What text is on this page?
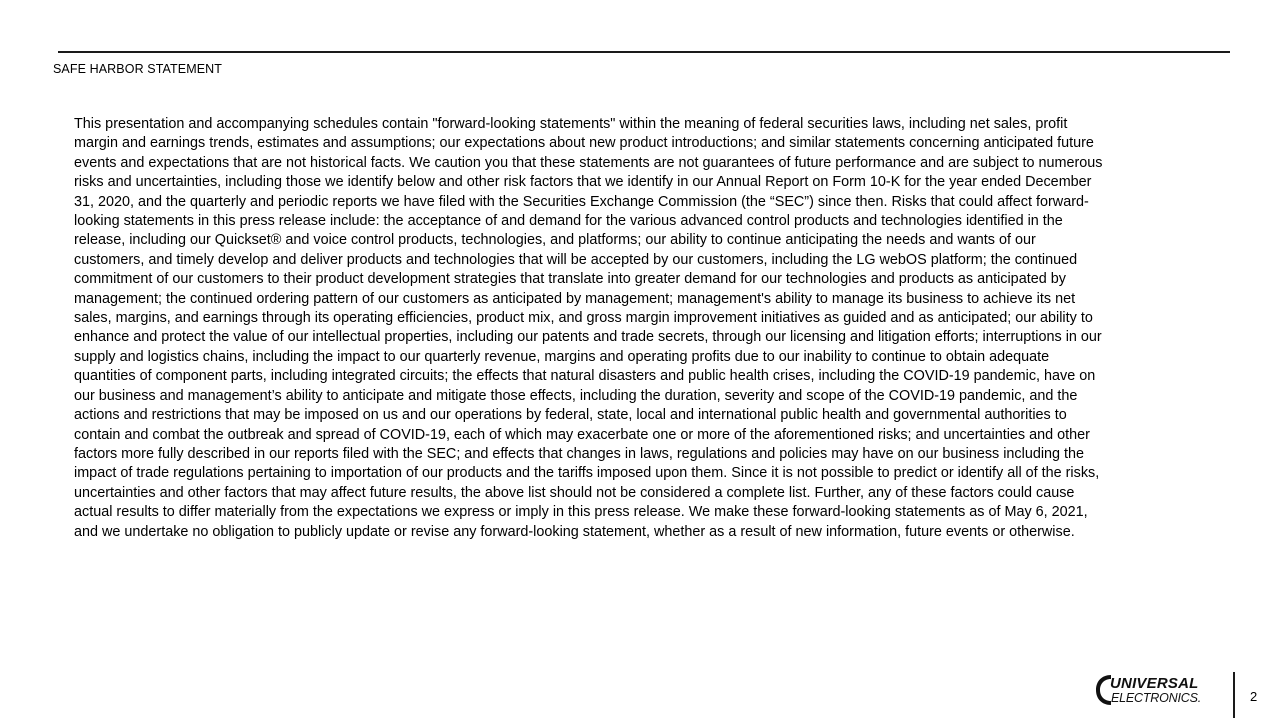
SAFE HARBOR STATEMENT

This presentation and accompanying schedules contain "forward-looking statements" within the meaning of federal securities laws, including net sales, profit
margin and earnings trends, estimates and assumptions; our expectations about new product introductions; and similar statements concerning anticipated future
events and expectations that are not historical facts. We caution you that these statements are not guarantees of future performance and are subject to numerous
risks and uncertainties, including those we identify below and other risk factors that we identify in our Annual Report on Form 10-K for the year ended December
31, 2020, and the quarterly and periodic reports we have filed with the Securities Exchange Commission (the “SEC”) since then. Risks that could affect forward-
looking statements in this press release include: the acceptance of and demand for the various advanced control products and technologies identified in the
release, including our Quickset® and voice control products, technologies, and platforms; our ability to continue anticipating the needs and wants of our
customers, and timely develop and deliver products and technologies that will be accepted by our customers, including the LG webOS platform; the continued
commitment of our customers to their product development strategies that translate into greater demand for our technologies and products as anticipated by
management; the continued ordering pattern of our customers as anticipated by management; management's ability to manage its business to achieve its net
sales, margins, and earnings through its operating efficiencies, product mix, and gross margin improvement initiatives as guided and as anticipated; our ability to
enhance and protect the value of our intellectual properties, including our patents and trade secrets, through our licensing and litigation efforts; interruptions in our
supply and logistics chains, including the impact to our quarterly revenue, margins and operating profits due to our inability to continue to obtain adequate
quantities of component parts, including integrated circuits; the effects that natural disasters and public health crises, including the COVID-19 pandemic, have on
our business and management’s ability to anticipate and mitigate those effects, including the duration, severity and scope of the COVID-19 pandemic, and the
actions and restrictions that may be imposed on us and our operations by federal, state, local and international public health and governmental authorities to
contain and combat the outbreak and spread of COVID-19, each of which may exacerbate one or more of the aforementioned risks; and uncertainties and other
factors more fully described in our reports filed with the SEC; and effects that changes in laws, regulations and policies may have on our business including the
impact of trade regulations pertaining to importation of our products and the tariffs imposed upon them. Since it is not possible to predict or identify all of the risks,
uncertainties and other factors that may affect future results, the above list should not be considered a complete list. Further, any of these factors could cause
actual results to differ materially from the expectations we express or imply in this press release. We make these forward-looking statements as of May 6, 2021,
and we undertake no obligation to publicly update or revise any forward-looking statement, whether as a result of new information, future events or otherwise.

UNIVERSAL
ELECTRONICS.	2
